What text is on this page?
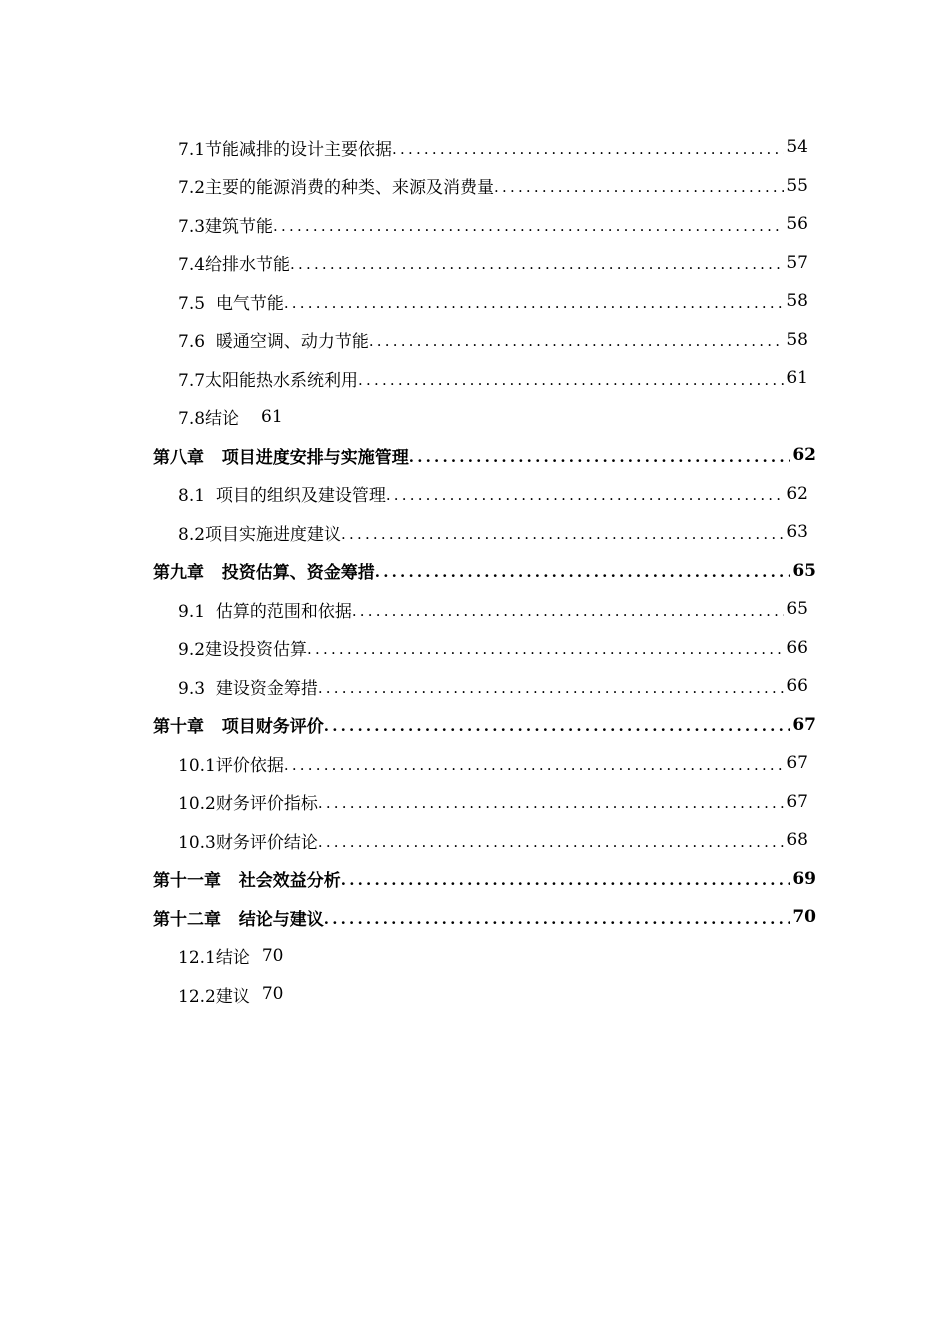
7.1节能减排的设计主要依据 .....	54
7.2主要的能源消费的种类、来源及消费量 .....	55
7.3建筑节能 .....	56
7.4给排水节能 .....	57
7.5  电气节能 .....	58
7.6  暖通空调、动力节能 .....	58
7.7太阳能热水系统利用 .....	61
7.8结论 61
第八章   项目进度安排与实施管理 .....	62
8.1  项目的组织及建设管理 .....	62
8.2项目实施进度建议 .....	63
第九章   投资估算、资金筹措 .....	65
9.1  估算的范围和依据 .....	65
9.2建设投资估算 .....	66
9.3  建设资金筹措 .....	66
第十章   项目财务评价 .....	67
10.1评价依据 .....	67
10.2财务评价指标 .....	67
10.3财务评价结论 .....	68
第十一章   社会效益分析 .....	69
第十二章   结论与建议 .....	70
12.1结论 70
12.2建议 70
